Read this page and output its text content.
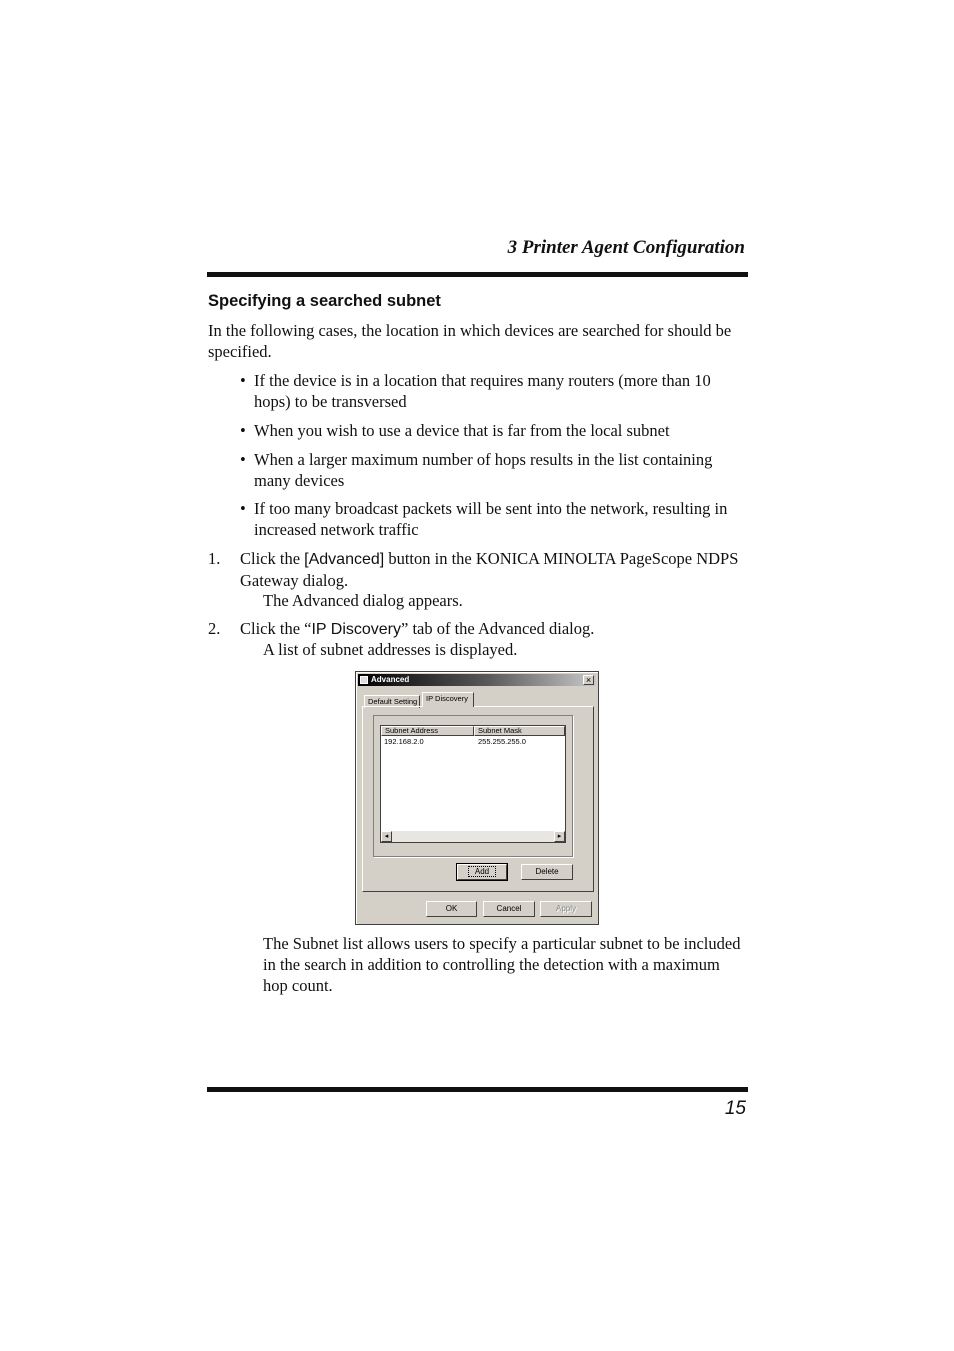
3 Printer Agent Configuration
Specifying a searched subnet
In the following cases, the location in which devices are searched for should be specified.
• If the device is in a location that requires many routers (more than 10 hops) to be transversed
• When you wish to use a device that is far from the local subnet
• When a larger maximum number of hops results in the list containing many devices
• If too many broadcast packets will be sent into the network, resulting in increased network traffic
1. Click the [Advanced] button in the KONICA MINOLTA PageScope NDPS Gateway dialog.
The Advanced dialog appears.
2. Click the “IP Discovery” tab of the Advanced dialog.
A list of subnet addresses is displayed.
Advanced	×
Default Setting	IP Discovery
Subnet Address	Subnet Mask
192.168.2.0	255.255.255.0
◂	▸
Add	Delete
OK	Cancel	Apply
The Subnet list allows users to specify a particular subnet to be included in the search in addition to controlling the detection with a maximum hop count.
15
